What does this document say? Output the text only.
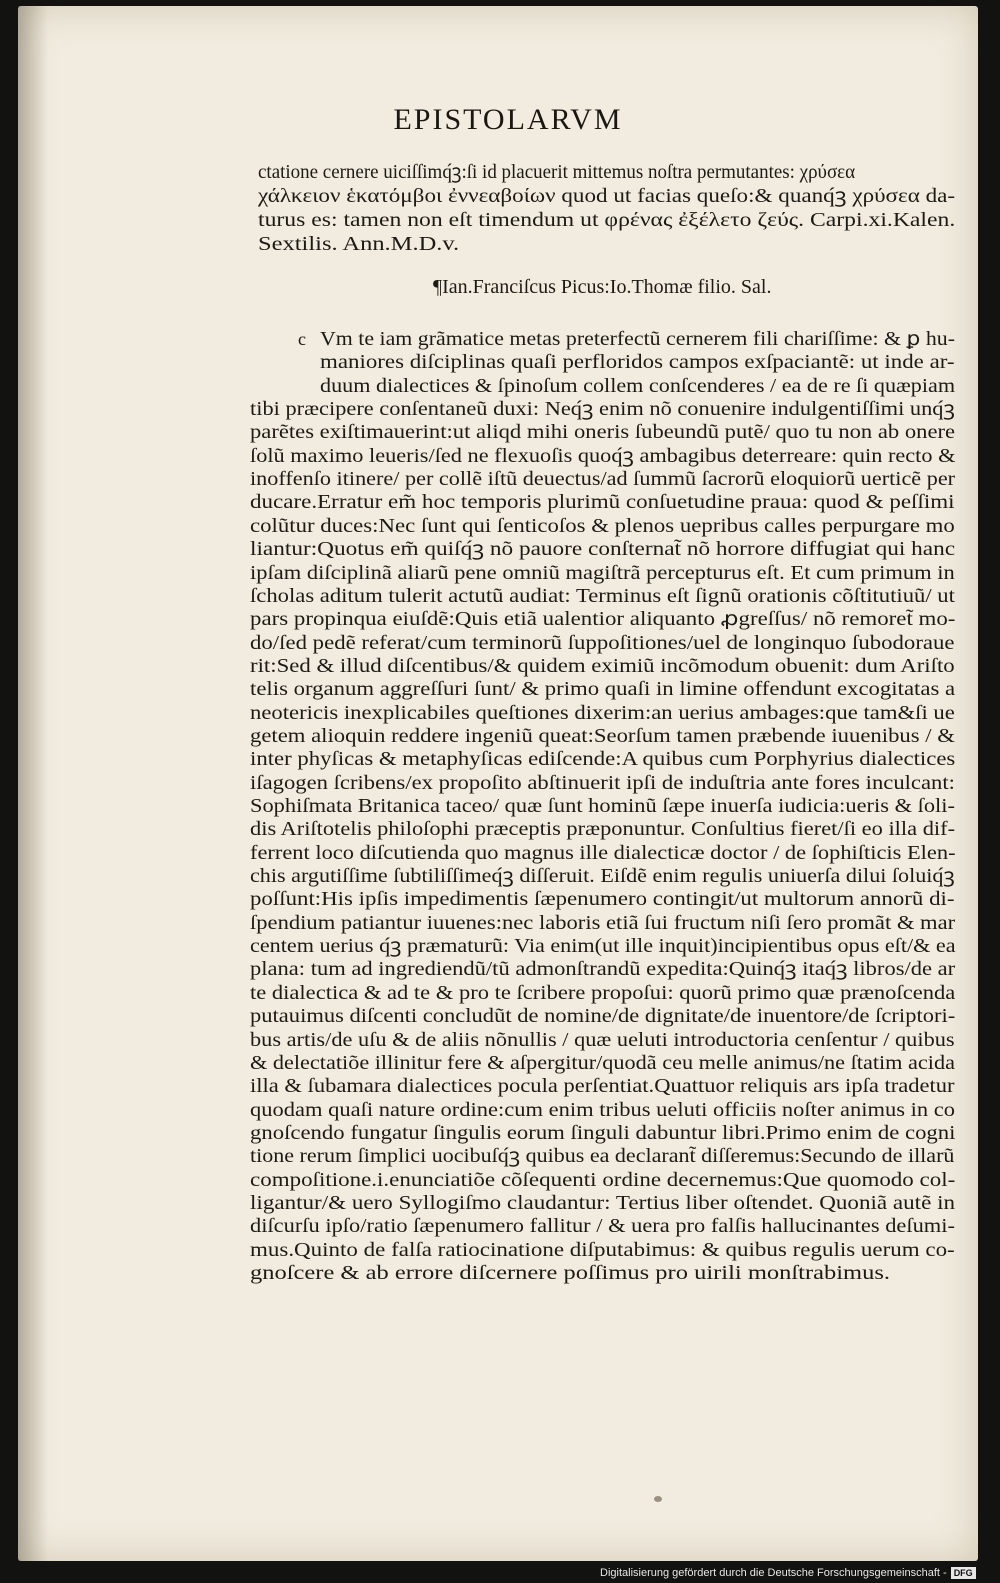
EPISTOLARVM
ctatione cernere uiciſſimq́ꝫ:ſi id placuerit mittemus noſtra permutantes: χρύσεα
χάλκειον ἑκατόμβοι ἐννεαβοίων quod ut facias queſo:& quanq́ꝫ χρύσεα da-
turus es: tamen non eſt timendum ut φρένας ἐξέλετο ζεύς. Carpi.xi.Kalen.
Sextilis. Ann.M.D.v.
¶Ian.Franciſcus Picus:Io.Thomæ filio. Sal.
c Vm te iam grãmatice metas preterfectũ cernerem fili chariſſime: & ꝑ hu-
maniores diſciplinas quaſi perfloridos campos exſpaciantẽ: ut inde ar-
duum dialectices & ſpinoſum collem conſcenderes / ea de re ſi quæpiam
tibi præcipere conſentaneũ duxi: Neq́ꝫ enim nõ conuenire indulgentiſſimi unq́ꝫ
parẽtes exiſtimauerint:ut aliqd mihi oneris ſubeundũ putẽ/ quo tu non ab onere
ſolũ maximo leueris/ſed ne flexuoſis quoq́ꝫ ambagibus deterreare: quin recto &
inoffenſo itinere/ per collẽ iſtũ deuectus/ad ſummũ ſacrorũ eloquiorũ uerticẽ per
ducare.Erratur em̃ hoc temporis plurimũ conſuetudine praua: quod & peſſimi
colũtur duces:Nec ſunt qui ſenticoſos & plenos uepribus calles perpurgare mo
liantur:Quotus em̃ quiſq́ꝫ nõ pauore conſternat̃ nõ horrore diffugiat qui hanc
ipſam diſciplinã aliarũ pene omniũ magiſtrã percepturus eſt. Et cum primum in
ſcholas aditum tulerit actutũ audiat: Terminus eſt ſignũ orationis cõſtitutiuũ/ ut
pars propinqua eiuſdẽ:Quis etiã ualentior aliquanto ꝓgreſſus/ nõ remoret̃ mo-
do/ſed pedẽ referat/cum terminorũ ſuppoſitiones/uel de longinquo ſubodoraue
rit:Sed & illud diſcentibus/& quidem eximiũ incõmodum obuenit: dum Ariſto
telis organum aggreſſuri ſunt/ & primo quaſi in limine offendunt excogitatas a
neotericis inexplicabiles queſtiones dixerim:an uerius ambages:que tam&ſi ue
getem alioquin reddere ingeniũ queat:Seorſum tamen præbende iuuenibus / &
inter phyſicas & metaphyſicas ediſcende:A quibus cum Porphyrius dialectices
iſagogen ſcribens/ex propoſito abſtinuerit ipſi de induſtria ante fores inculcant:
Sophiſmata Britanica taceo/ quæ ſunt hominũ ſæpe inuerſa iudicia:ueris & ſoli-
dis Ariſtotelis philoſophi præceptis præponuntur. Conſultius fieret/ſi eo illa dif-
ferrent loco diſcutienda quo magnus ille dialecticæ doctor / de ſophiſticis Elen-
chis argutiſſime ſubtiliſſimeq́ꝫ diſſeruit. Eiſdẽ enim regulis uniuerſa dilui ſoluiq́ꝫ
poſſunt:His ipſis impedimentis ſæpenumero contingit/ut multorum annorũ di-
ſpendium patiantur iuuenes:nec laboris etiã ſui fructum niſi ſero promãt & mar
centem uerius q́ꝫ præmaturũ: Via enim(ut ille inquit)incipientibus opus eſt/& ea
plana: tum ad ingrediendũ/tũ admonſtrandũ expedita:Quinq́ꝫ itaq́ꝫ libros/de ar
te dialectica & ad te & pro te ſcribere propoſui: quorũ primo quæ prænoſcenda
putauimus diſcenti concludũt de nomine/de dignitate/de inuentore/de ſcriptori-
bus artis/de uſu & de aliis nõnullis / quæ ueluti introductoria cenſentur / quibus
& delectatiõe illinitur fere & aſpergitur/quodã ceu melle animus/ne ſtatim acida
illa & ſubamara dialectices pocula perſentiat.Quattuor reliquis ars ipſa tradetur
quodam quaſi nature ordine:cum enim tribus ueluti officiis noſter animus in co
gnoſcendo fungatur ſingulis eorum ſinguli dabuntur libri.Primo enim de cogni
tione rerum ſimplici uocibuſq́ꝫ quibus ea declarant̃ diſſeremus:Secundo de illarũ
compoſitione.i.enunciatiõe cõſequenti ordine decernemus:Que quomodo col-
ligantur/& uero Syllogiſmo claudantur: Tertius liber oſtendet. Quoniã autẽ in
diſcurſu ipſo/ratio ſæpenumero fallitur / & uera pro falſis hallucinantes deſumi-
mus.Quinto de falſa ratiocinatione diſputabimus: & quibus regulis uerum co-
gnoſcere & ab errore diſcernere poſſimus pro uirili monſtrabimus.
Digitalisierung gefördert durch die Deutsche Forschungsgemeinschaft - DFG
